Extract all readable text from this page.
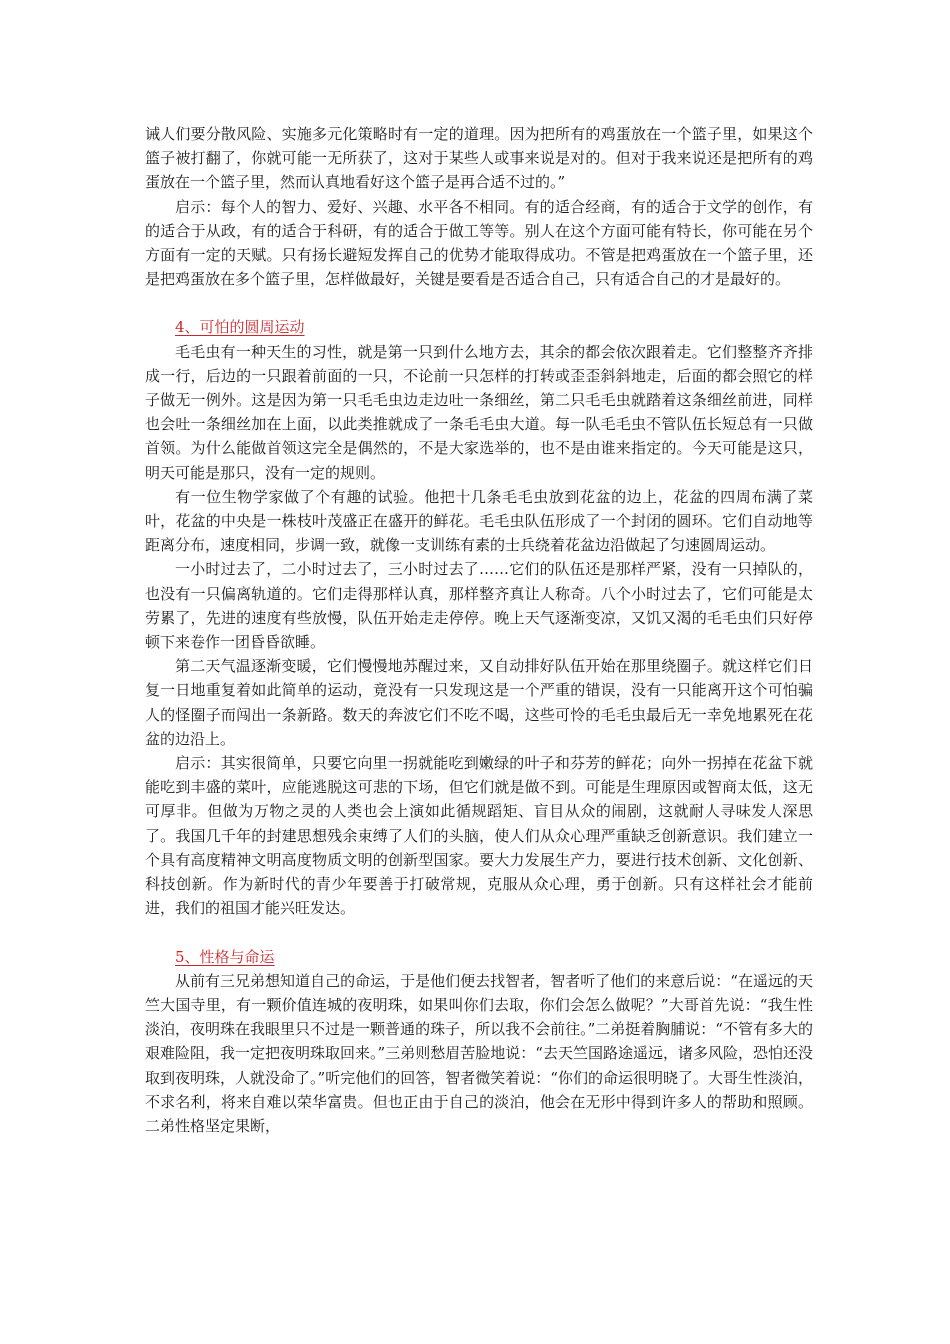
诫人们要分散风险、实施多元化策略时有一定的道理。因为把所有的鸡蛋放在一个篮子里，如果这个篮子被打翻了，你就可能一无所获了，这对于某些人或事来说是对的。但对于我来说还是把所有的鸡蛋放在一个篮子里，然而认真地看好这个篮子是再合适不过的。”

启示：每个人的智力、爱好、兴趣、水平各不相同。有的适合经商，有的适合于文学的创作，有的适合于从政，有的适合于科研，有的适合于做工等等。别人在这个方面可能有特长，你可能在另个方面有一定的天赋。只有扬长避短发挥自己的优势才能取得成功。不管是把鸡蛋放在一个篮子里，还是把鸡蛋放在多个篮子里，怎样做最好，关键是要看是否适合自己，只有适合自己的才是最好的。

4、可怕的圆周运动

毛毛虫有一种天生的习性，就是第一只到什么地方去，其余的都会依次跟着走。它们整整齐齐排成一行，后边的一只跟着前面的一只，不论前一只怎样的打转或歪歪斜斜地走，后面的都会照它的样子做无一例外。这是因为第一只毛毛虫边走边吐一条细丝，第二只毛毛虫就踏着这条细丝前进，同样也会吐一条细丝加在上面，以此类推就成了一条毛毛虫大道。每一队毛毛虫不管队伍长短总有一只做首领。为什么能做首领这完全是偶然的，不是大家选举的，也不是由谁来指定的。今天可能是这只，明天可能是那只，没有一定的规则。

有一位生物学家做了个有趣的试验。他把十几条毛毛虫放到花盆的边上，花盆的四周布满了菜叶，花盆的中央是一株枝叶茂盛正在盛开的鲜花。毛毛虫队伍形成了一个封闭的圆环。它们自动地等距离分布，速度相同，步调一致，就像一支训练有素的士兵绕着花盆边沿做起了匀速圆周运动。

一小时过去了，二小时过去了，三小时过去了……它们的队伍还是那样严紧，没有一只掉队的，也没有一只偏离轨道的。它们走得那样认真，那样整齐真让人称奇。八个小时过去了，它们可能是太劳累了，先进的速度有些放慢，队伍开始走走停停。晚上天气逐渐变凉，又饥又渴的毛毛虫们只好停顿下来卷作一团昏昏欲睡。

第二天气温逐渐变暖，它们慢慢地苏醒过来，又自动排好队伍开始在那里绕圈子。就这样它们日复一日地重复着如此简单的运动，竟没有一只发现这是一个严重的错误，没有一只能离开这个可怕骗人的怪圈子而闯出一条新路。数天的奔波它们不吃不喝，这些可怜的毛毛虫最后无一幸免地累死在花盆的边沿上。

启示：其实很简单，只要它向里一拐就能吃到嫩绿的叶子和芬芳的鲜花；向外一拐掉在花盆下就能吃到丰盛的菜叶，应能逃脱这可悲的下场，但它们就是做不到。可能是生理原因或智商太低，这无可厚非。但做为万物之灵的人类也会上演如此循规蹈矩、盲目从众的闹剧，这就耐人寻味发人深思了。我国几千年的封建思想残余束缚了人们的头脑，使人们从众心理严重缺乏创新意识。我们建立一个具有高度精神文明高度物质文明的创新型国家。要大力发展生产力，要进行技术创新、文化创新、科技创新。作为新时代的青少年要善于打破常规，克服从众心理，勇于创新。只有这样社会才能前进，我们的祖国才能兴旺发达。

5、性格与命运

从前有三兄弟想知道自己的命运，于是他们便去找智者，智者听了他们的来意后说：“在遥远的天竺大国寺里，有一颗价值连城的夜明珠，如果叫你们去取，你们会怎么做呢？”大哥首先说：“我生性淡泊，夜明珠在我眼里只不过是一颗普通的珠子，所以我不会前往。”二弟挺着胸脯说：“不管有多大的艰难险阻，我一定把夜明珠取回来。”三弟则愁眉苦脸地说：“去天竺国路途遥远，诸多风险，恐怕还没取到夜明珠，人就没命了。”听完他们的回答，智者微笑着说：“你们的命运很明晓了。大哥生性淡泊，不求名利，将来自难以荣华富贵。但也正由于自己的淡泊，他会在无形中得到许多人的帮助和照顾。二弟性格坚定果断，
